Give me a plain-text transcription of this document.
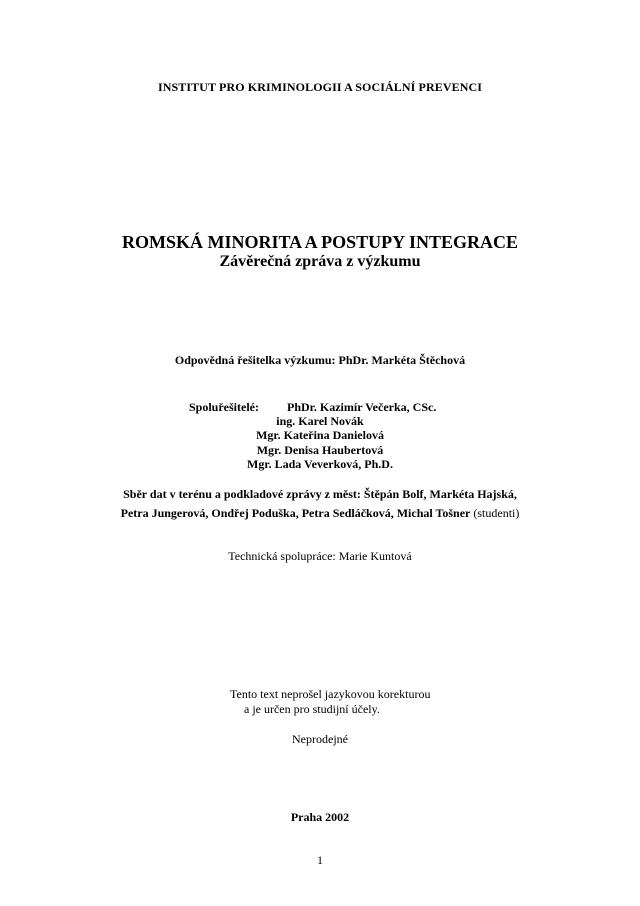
INSTITUT PRO KRIMINOLOGII A SOCIÁLNÍ PREVENCI
ROMSKÁ MINORITA A POSTUPY INTEGRACE
Závěrečná zpráva z výzkumu
Odpovědná řešitelka výzkumu: PhDr. Markéta Štěchová
Spoluřešitelé: PhDr. Kazimír Večerka, CSc.
ing. Karel Novák
Mgr. Kateřina Danielová
Mgr. Denisa Haubertová
Mgr. Lada Veverková, Ph.D.
Sběr dat v terénu a podkladové zprávy z měst: Štěpán Bolf, Markéta Hajská,
Petra Jungerová, Ondřej Poduška, Petra Sedláčková, Michal Tošner (studenti)
Technická spolupráce: Marie Kuntová
Tento text neprošel jazykovou korekturou
a je určen pro studijní účely.
Neprodejné
Praha 2002
1
